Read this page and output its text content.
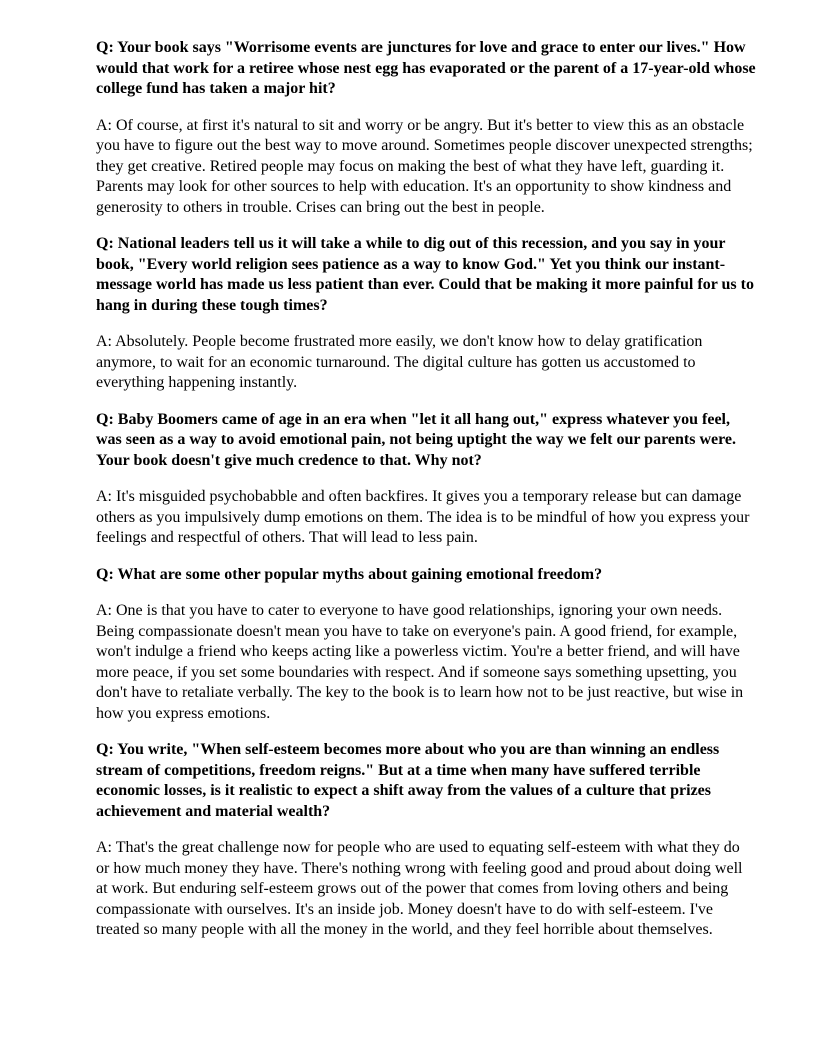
Q: Your book says "Worrisome events are junctures for love and grace to enter our lives." How would that work for a retiree whose nest egg has evaporated or the parent of a 17-year-old whose college fund has taken a major hit?

A: Of course, at first it's natural to sit and worry or be angry. But it's better to view this as an obstacle you have to figure out the best way to move around. Sometimes people discover unexpected strengths; they get creative. Retired people may focus on making the best of what they have left, guarding it. Parents may look for other sources to help with education. It's an opportunity to show kindness and generosity to others in trouble. Crises can bring out the best in people.

Q: National leaders tell us it will take a while to dig out of this recession, and you say in your book, "Every world religion sees patience as a way to know God." Yet you think our instant-message world has made us less patient than ever. Could that be making it more painful for us to hang in during these tough times?

A: Absolutely. People become frustrated more easily, we don't know how to delay gratification anymore, to wait for an economic turnaround. The digital culture has gotten us accustomed to everything happening instantly.

Q: Baby Boomers came of age in an era when "let it all hang out," express whatever you feel, was seen as a way to avoid emotional pain, not being uptight the way we felt our parents were. Your book doesn't give much credence to that. Why not?

A: It's misguided psychobabble and often backfires. It gives you a temporary release but can damage others as you impulsively dump emotions on them. The idea is to be mindful of how you express your feelings and respectful of others. That will lead to less pain.

Q: What are some other popular myths about gaining emotional freedom?

A: One is that you have to cater to everyone to have good relationships, ignoring your own needs. Being compassionate doesn't mean you have to take on everyone's pain. A good friend, for example, won't indulge a friend who keeps acting like a powerless victim. You're a better friend, and will have more peace, if you set some boundaries with respect. And if someone says something upsetting, you don't have to retaliate verbally. The key to the book is to learn how not to be just reactive, but wise in how you express emotions.

Q: You write, "When self-esteem becomes more about who you are than winning an endless stream of competitions, freedom reigns." But at a time when many have suffered terrible economic losses, is it realistic to expect a shift away from the values of a culture that prizes achievement and material wealth?

A: That's the great challenge now for people who are used to equating self-esteem with what they do or how much money they have. There's nothing wrong with feeling good and proud about doing well at work. But enduring self-esteem grows out of the power that comes from loving others and being compassionate with ourselves. It's an inside job. Money doesn't have to do with self-esteem. I've treated so many people with all the money in the world, and they feel horrible about themselves.
